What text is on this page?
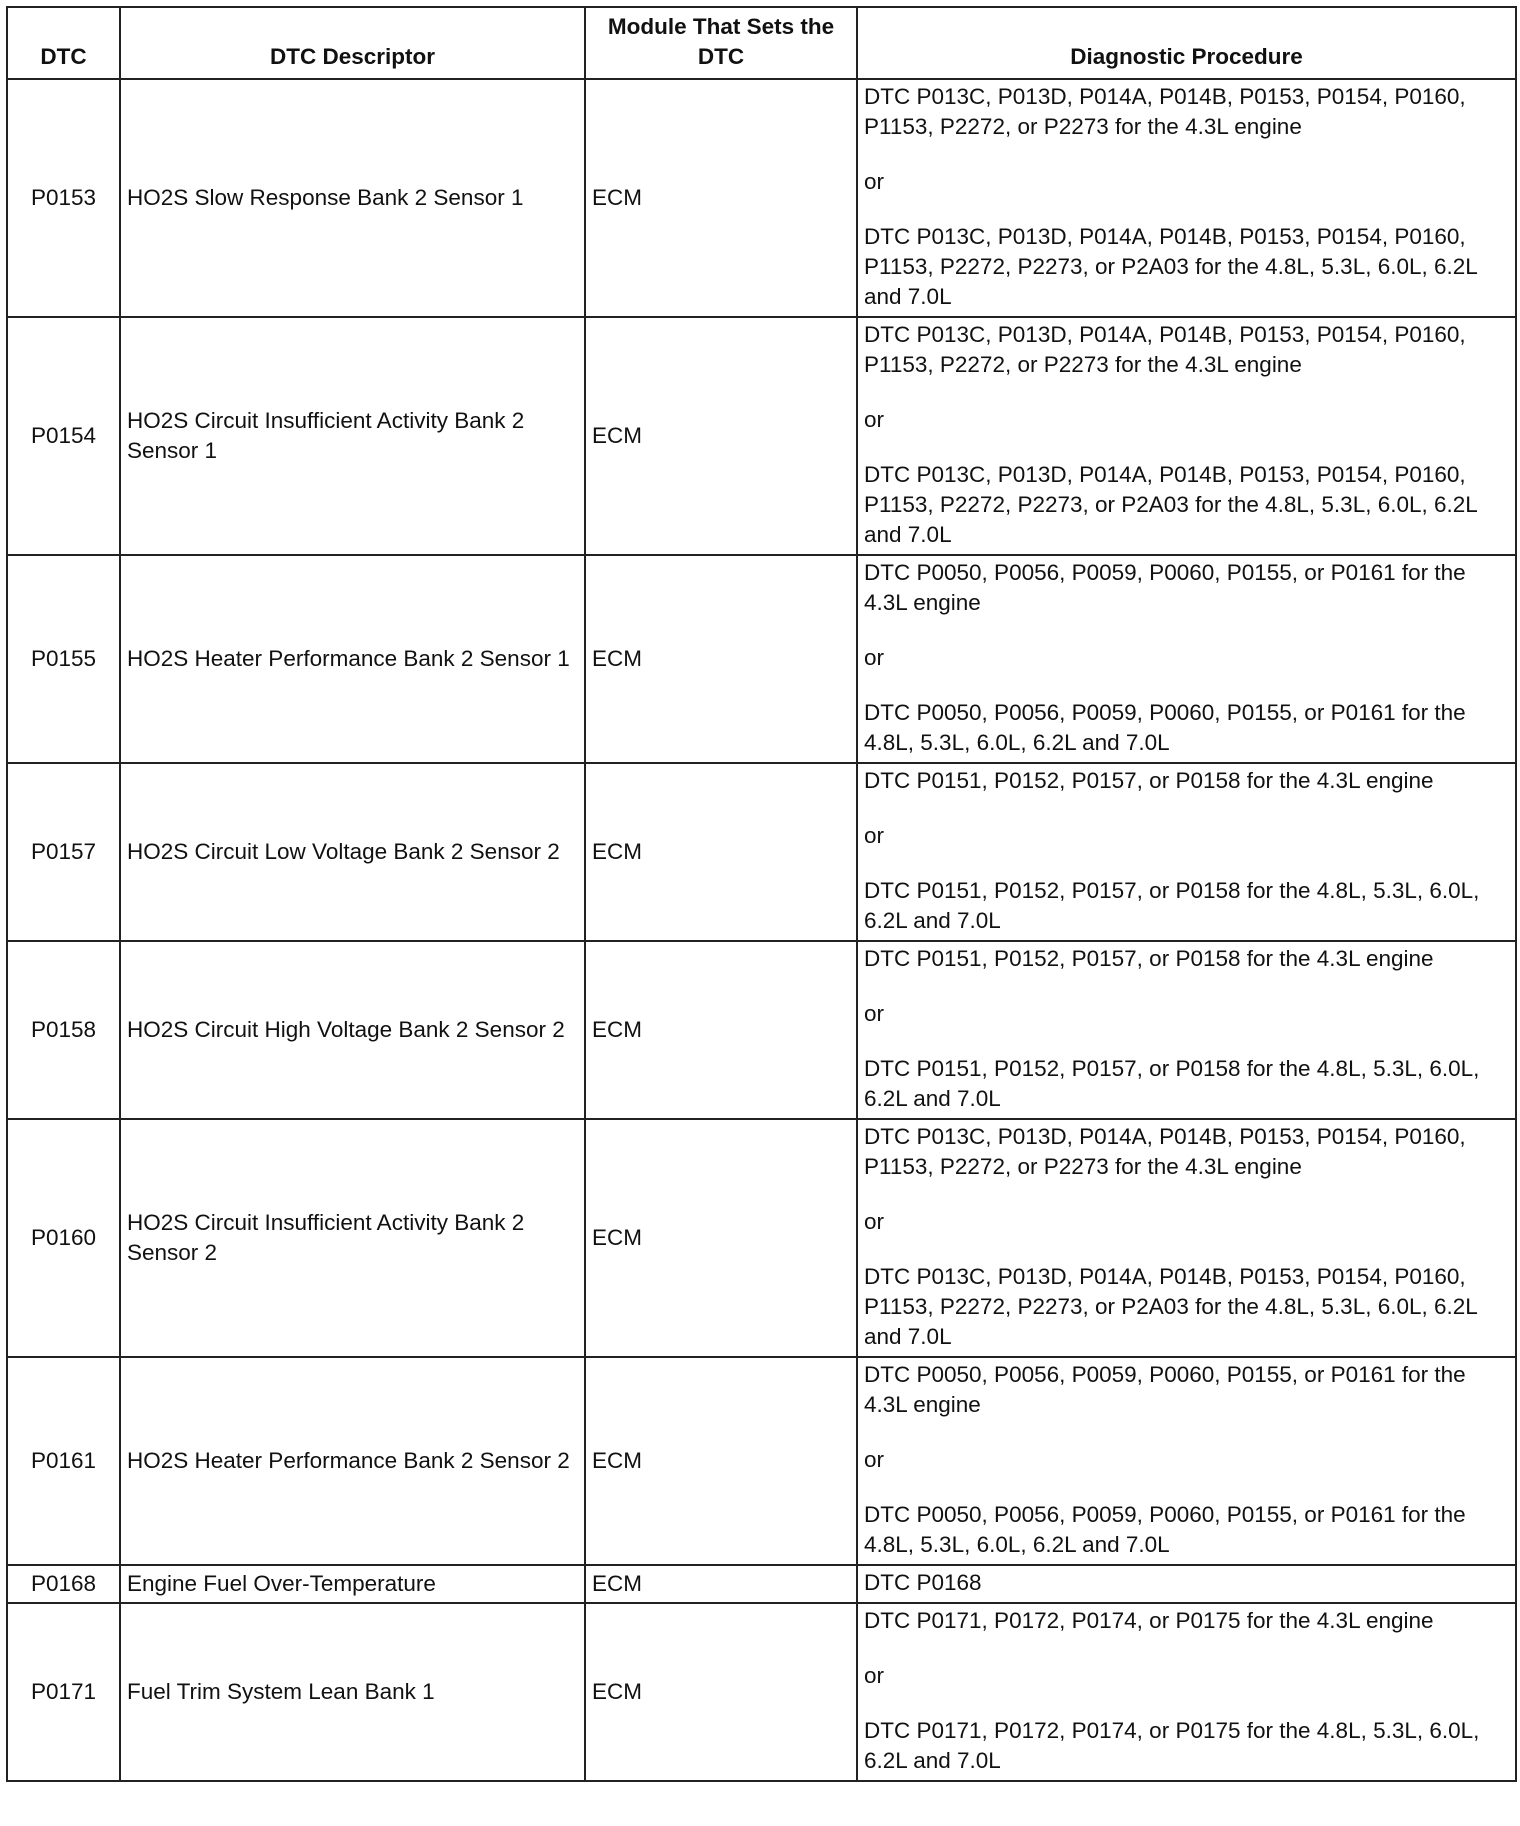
DTC	DTC Descriptor	Module That Sets the DTC	Diagnostic Procedure
P0153	HO2S Slow Response Bank 2 Sensor 1	ECM	DTC P013C, P013D, P014A, P014B, P0153, P0154, P0160, P1153, P2272, or P2273 for the 4.3L engine
or
DTC P013C, P013D, P014A, P014B, P0153, P0154, P0160, P1153, P2272, P2273, or P2A03 for the 4.8L, 5.3L, 6.0L, 6.2L and 7.0L

P0154	HO2S Circuit Insufficient Activity Bank 2 Sensor 1	ECM	DTC P013C, P013D, P014A, P014B, P0153, P0154, P0160, P1153, P2272, or P2273 for the 4.3L engine
or
DTC P013C, P013D, P014A, P014B, P0153, P0154, P0160, P1153, P2272, P2273, or P2A03 for the 4.8L, 5.3L, 6.0L, 6.2L and 7.0L

P0155	HO2S Heater Performance Bank 2 Sensor 1	ECM	DTC P0050, P0056, P0059, P0060, P0155, or P0161 for the 4.3L engine
or
DTC P0050, P0056, P0059, P0060, P0155, or P0161 for the 4.8L, 5.3L, 6.0L, 6.2L and 7.0L

P0157	HO2S Circuit Low Voltage Bank 2 Sensor 2	ECM	DTC P0151, P0152, P0157, or P0158 for the 4.3L engine
or
DTC P0151, P0152, P0157, or P0158 for the 4.8L, 5.3L, 6.0L, 6.2L and 7.0L

P0158	HO2S Circuit High Voltage Bank 2 Sensor 2	ECM	DTC P0151, P0152, P0157, or P0158 for the 4.3L engine
or
DTC P0151, P0152, P0157, or P0158 for the 4.8L, 5.3L, 6.0L, 6.2L and 7.0L

P0160	HO2S Circuit Insufficient Activity Bank 2 Sensor 2	ECM	DTC P013C, P013D, P014A, P014B, P0153, P0154, P0160, P1153, P2272, or P2273 for the 4.3L engine
or
DTC P013C, P013D, P014A, P014B, P0153, P0154, P0160, P1153, P2272, P2273, or P2A03 for the 4.8L, 5.3L, 6.0L, 6.2L and 7.0L

P0161	HO2S Heater Performance Bank 2 Sensor 2	ECM	DTC P0050, P0056, P0059, P0060, P0155, or P0161 for the 4.3L engine
or
DTC P0050, P0056, P0059, P0060, P0155, or P0161 for the 4.8L, 5.3L, 6.0L, 6.2L and 7.0L

P0168	Engine Fuel Over-Temperature	ECM	DTC P0168

P0171	Fuel Trim System Lean Bank 1	ECM	DTC P0171, P0172, P0174, or P0175 for the 4.3L engine
or
DTC P0171, P0172, P0174, or P0175 for the 4.8L, 5.3L, 6.0L, 6.2L and 7.0L
